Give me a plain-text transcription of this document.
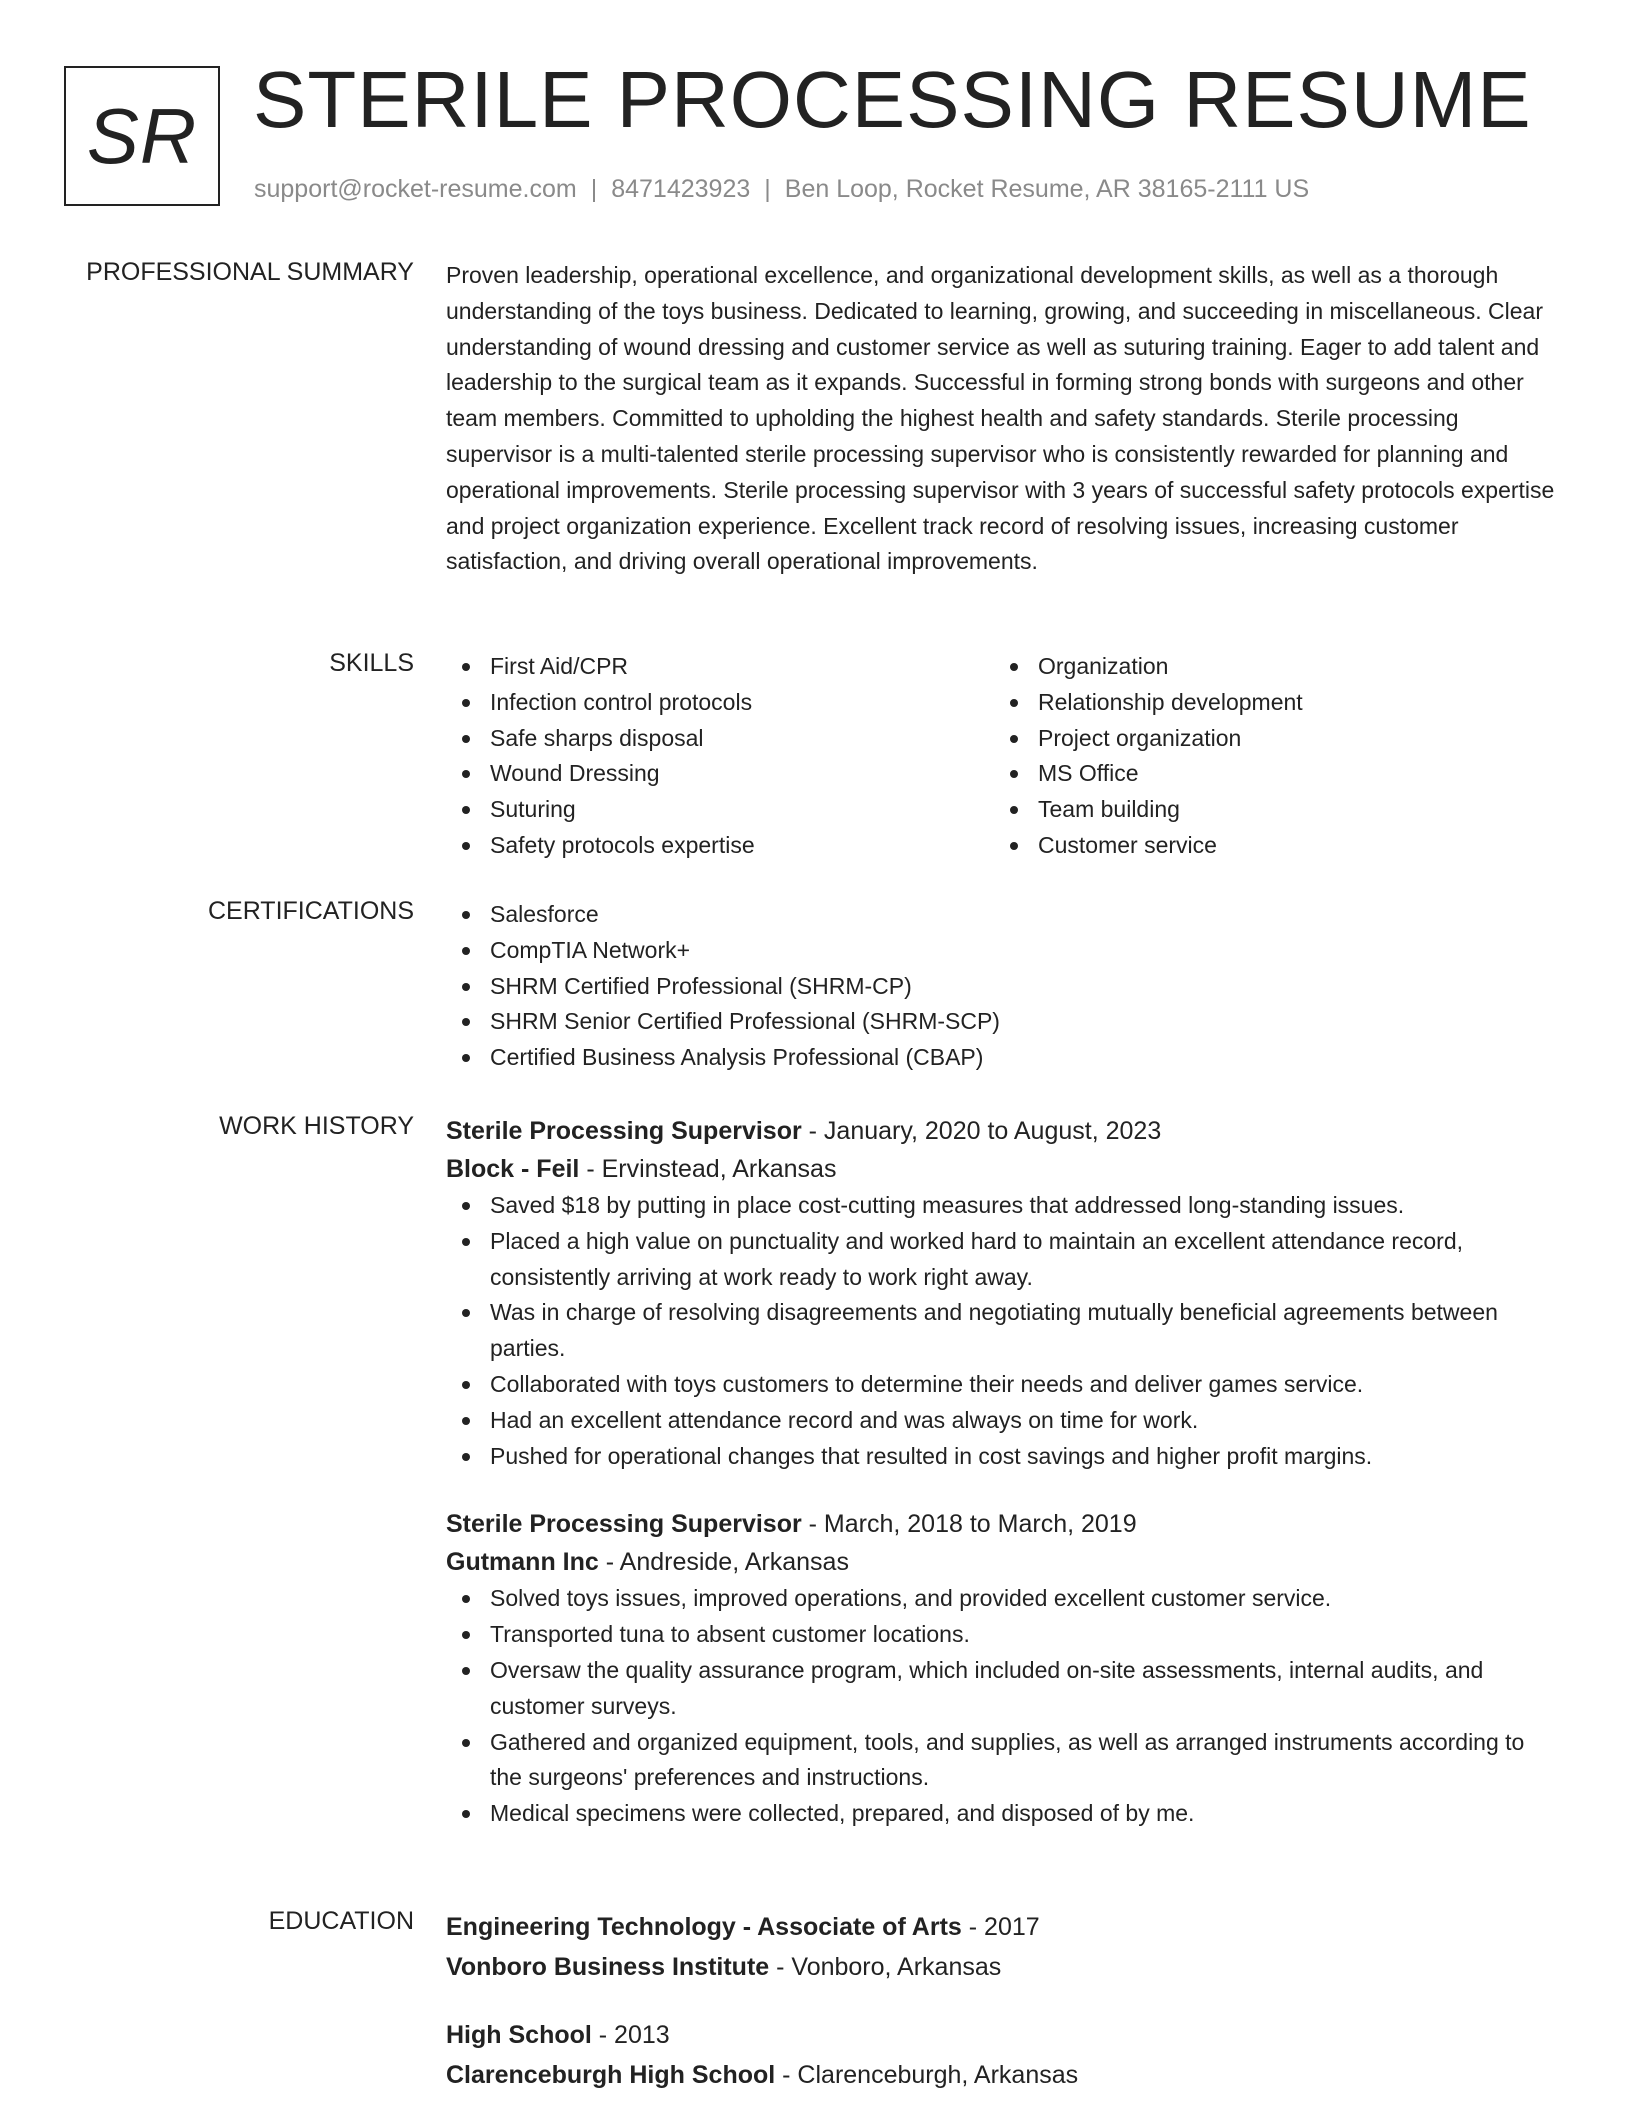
SR STERILE PROCESSING RESUME
support@rocket-resume.com | 8471423923 | Ben Loop, Rocket Resume, AR 38165-2111 US
PROFESSIONAL SUMMARY Proven leadership, operational excellence, and organizational development skills, as well as a thorough understanding of the toys business. Dedicated to learning, growing, and succeeding in miscellaneous. Clear understanding of wound dressing and customer service as well as suturing training. Eager to add talent and leadership to the surgical team as it expands. Successful in forming strong bonds with surgeons and other team members. Committed to upholding the highest health and safety standards. Sterile processing supervisor is a multi-talented sterile processing supervisor who is consistently rewarded for planning and operational improvements. Sterile processing supervisor with 3 years of successful safety protocols expertise and project organization experience. Excellent track record of resolving issues, increasing customer satisfaction, and driving overall operational improvements.

SKILLS	First Aid/CPR
Infection control protocols
Safe sharps disposal
Wound Dressing
Suturing
Safety protocols expertise
Organization
Relationship development
Project organization
MS Office
Team building
Customer service
CERTIFICATIONS	Salesforce
CompTIA Network+
SHRM Certified Professional (SHRM-CP)
SHRM Senior Certified Professional (SHRM-SCP)
Certified Business Analysis Professional (CBAP)
WORK HISTORY Sterile Processing Supervisor - January, 2020 to August, 2023
Block - Feil - Ervinstead, Arkansas
Saved $18 by putting in place cost-cutting measures that addressed long-standing issues.
Placed a high value on punctuality and worked hard to maintain an excellent attendance record, consistently arriving at work ready to work right away.
Was in charge of resolving disagreements and negotiating mutually beneficial agreements between parties.
Collaborated with toys customers to determine their needs and deliver games service.
Had an excellent attendance record and was always on time for work.
Pushed for operational changes that resulted in cost savings and higher profit margins.
Sterile Processing Supervisor - March, 2018 to March, 2019
Gutmann Inc - Andreside, Arkansas
Solved toys issues, improved operations, and provided excellent customer service.
Transported tuna to absent customer locations.
Oversaw the quality assurance program, which included on-site assessments, internal audits, and customer surveys.
Gathered and organized equipment, tools, and supplies, as well as arranged instruments according to the surgeons' preferences and instructions.
Medical specimens were collected, prepared, and disposed of by me.
EDUCATION Engineering Technology - Associate of Arts - 2017
Vonboro Business Institute - Vonboro, Arkansas
High School - 2013
Clarenceburgh High School - Clarenceburgh, Arkansas
